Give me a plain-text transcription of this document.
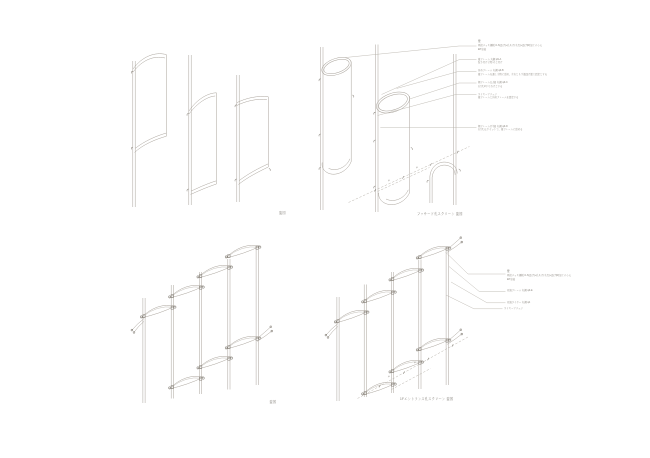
姿図	ファサード孔スクリーン 姿図
姿図
1Fエントランス孔スクリーン 姿図
壁
亜鉛メッキ鋼板 t1.6(曲げ)+孔あけ(千鳥)+曲げ(R)加工のうえ
EP塗装
縦フレーム 丸鋼 φ9-A
取り付け金物 あと付け
斜めフレーム 丸鋼 φ9-B
縦フレームを通し金物に留め、左右とも下部曲げ部で固定とする
横フレーム(上端) 丸鋼 φ9-C
(金具)±すりわけとする
ワイヤーブリッジ
縦フレームと斜めフレームを固定する
横フレーム(下端) 丸鋼 φ9-D
(金具)上下セットで、縦フレームに留める
45
45
壁
亜鉛メッキ鋼板 t1.6(曲げ)+孔あけ(千鳥)+曲げ(R)加工のうえ
EP塗装
先端フレーム 丸鋼 φ9-E
先端ワイヤー 丸鋼 φ4
ワイヤーブリッジ
45
45
